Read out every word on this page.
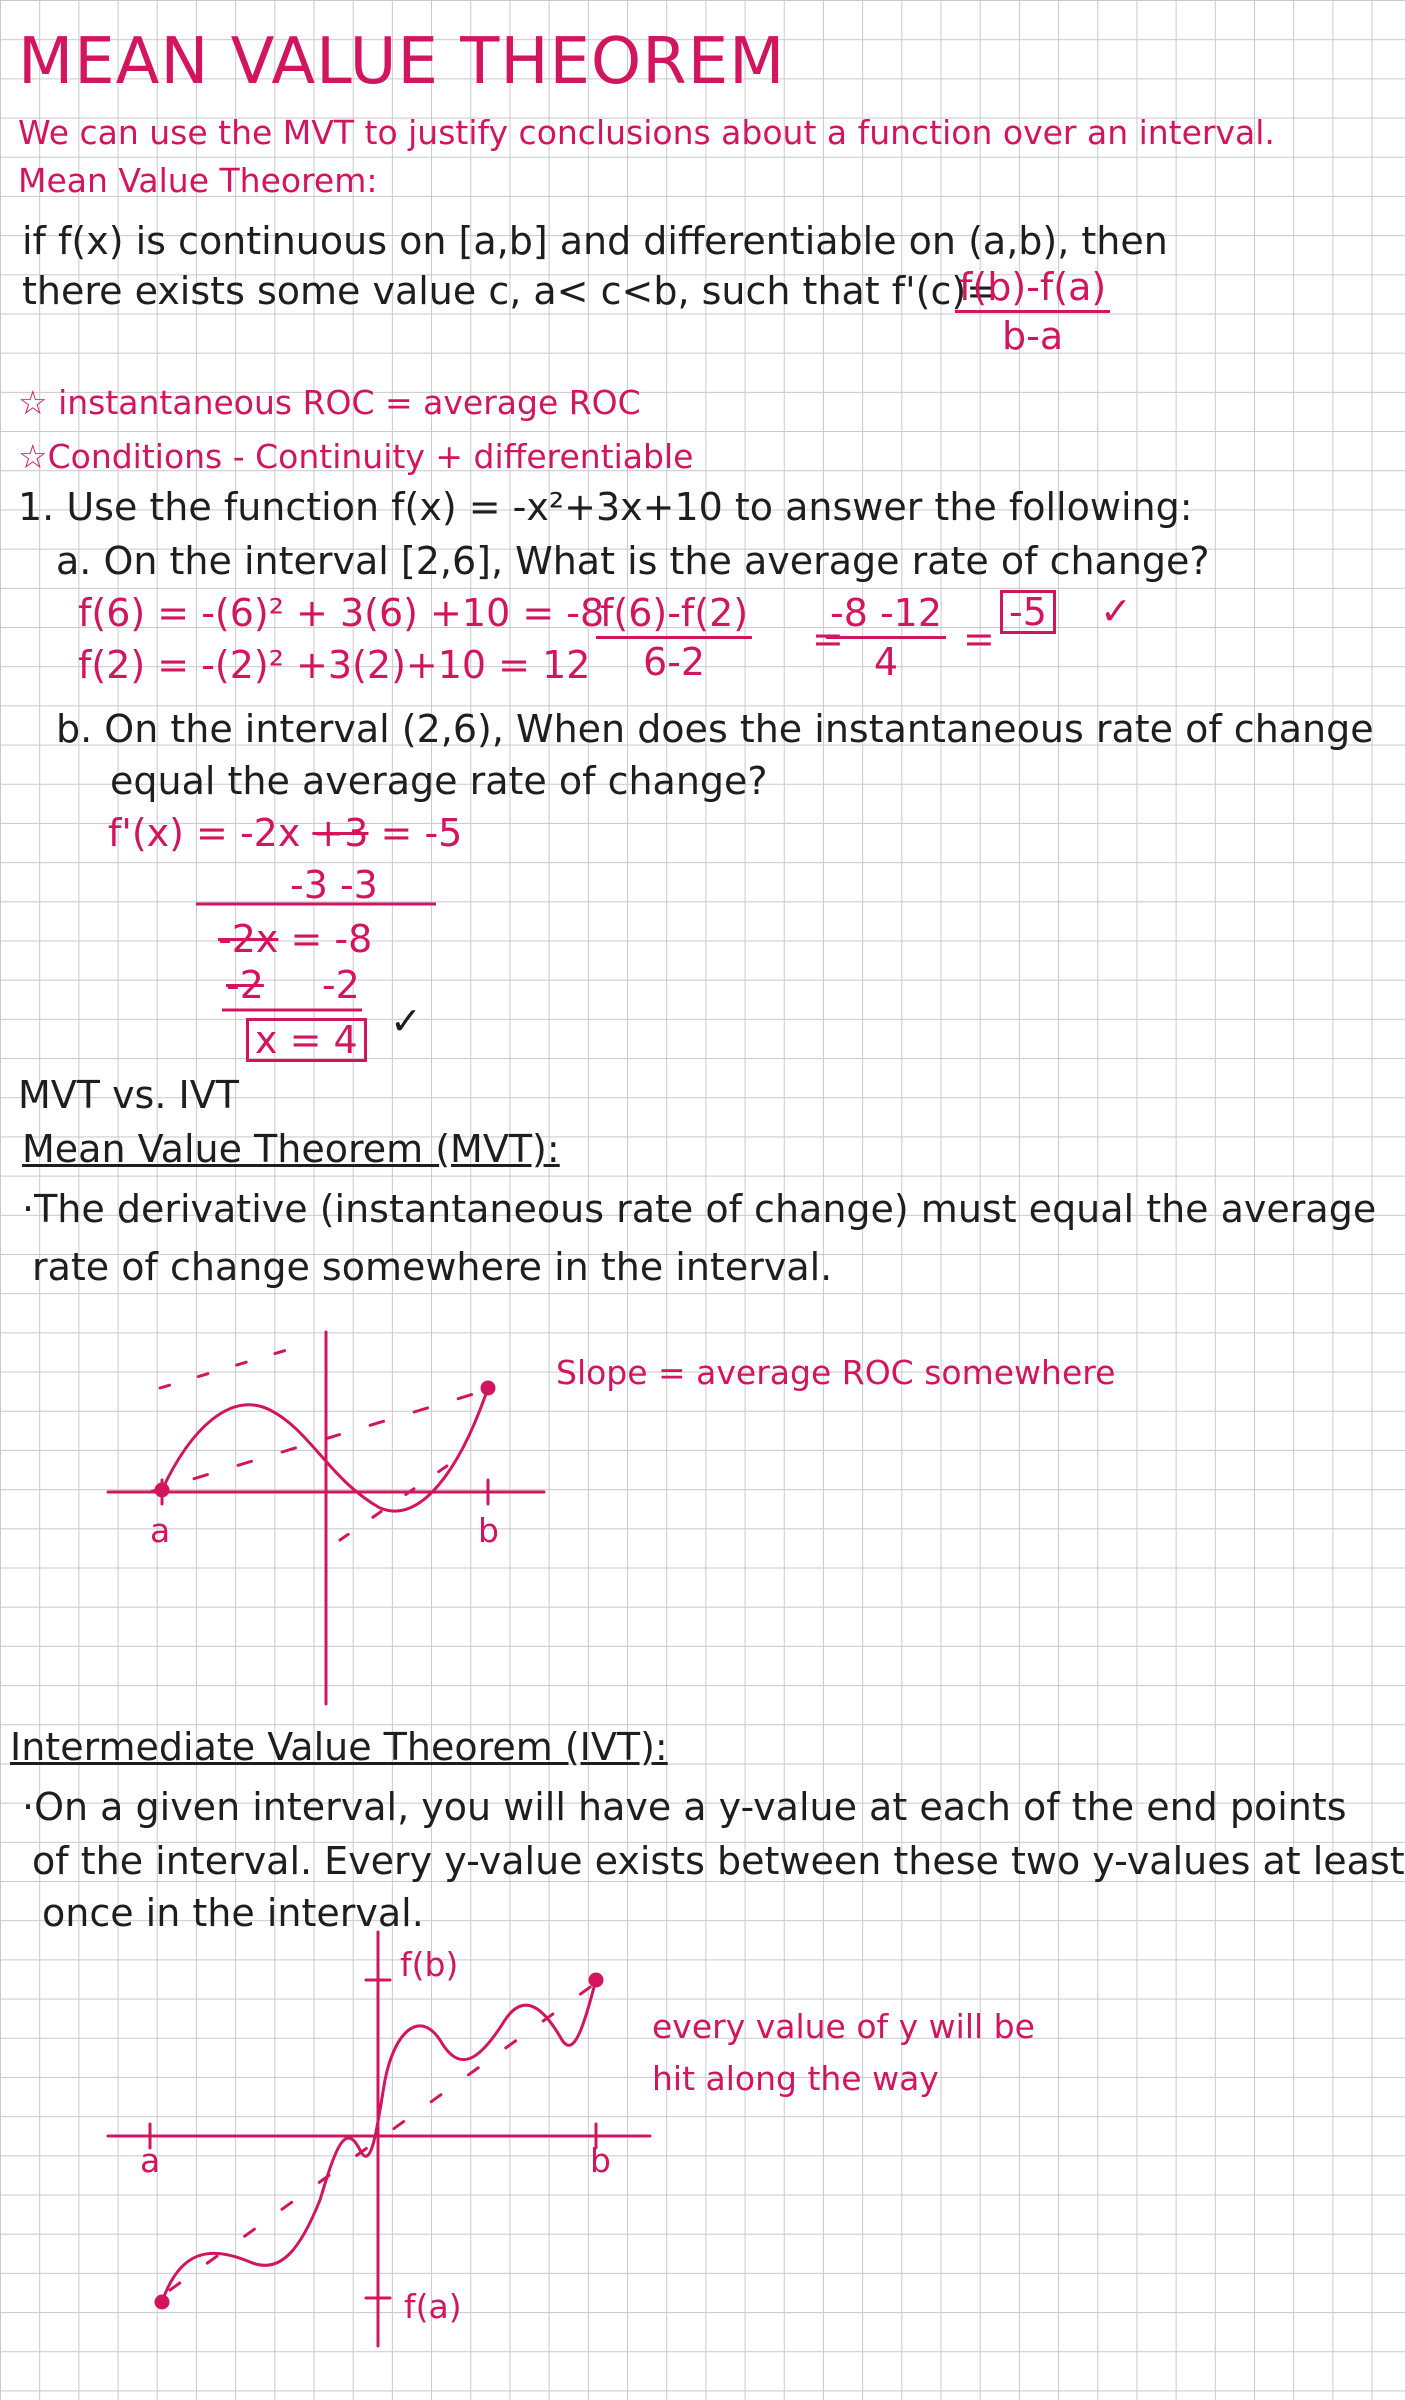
MEAN VALUE THEOREM
We can use the MVT to justify conclusions about a function over an interval.
Mean Value Theorem:
if f(x) is continuous on [a,b] and differentiable on (a,b), then
there exists some value c, a< c<b, such that f'(c)=
$\frac{f(b)-f(a)}{b-a}$
☆ instantaneous ROC = average ROC
☆Conditions - Continuity + differentiable
1. Use the function f(x) = -x²+3x+10 to answer the following:
a. On the interval [2,6], What is the average rate of change?
f(6) = -(6)² + 3(6) +10 = -8
$f(2) = -(2)^2 +3(2)+10 = 12 \frac{f(6)-f(2)}{6-2}$ =
$\frac{-8 -12}{4}$ =
-5 ✓
b. On the interval (2,6), When does the instantaneous rate of change
equal the average rate of change?
f'(x) = -2x +3 = -5
-3 -3
-2x = -8
-2 -2
x = 4 ✓
MVT vs. IVT
Mean Value Theorem (MVT):
·The derivative (instantaneous rate of change) must equal the average
rate of change somewhere in the interval.
Slope = average ROC somewhere
a	b
Intermediate Value Theorem (IVT):
·On a given interval, you will have a y-value at each of the end points
of the interval. Every y-value exists between these two y-values at least
once in the interval.
f(b)
f(a)
a	b
every value of y will be
hit along the way
